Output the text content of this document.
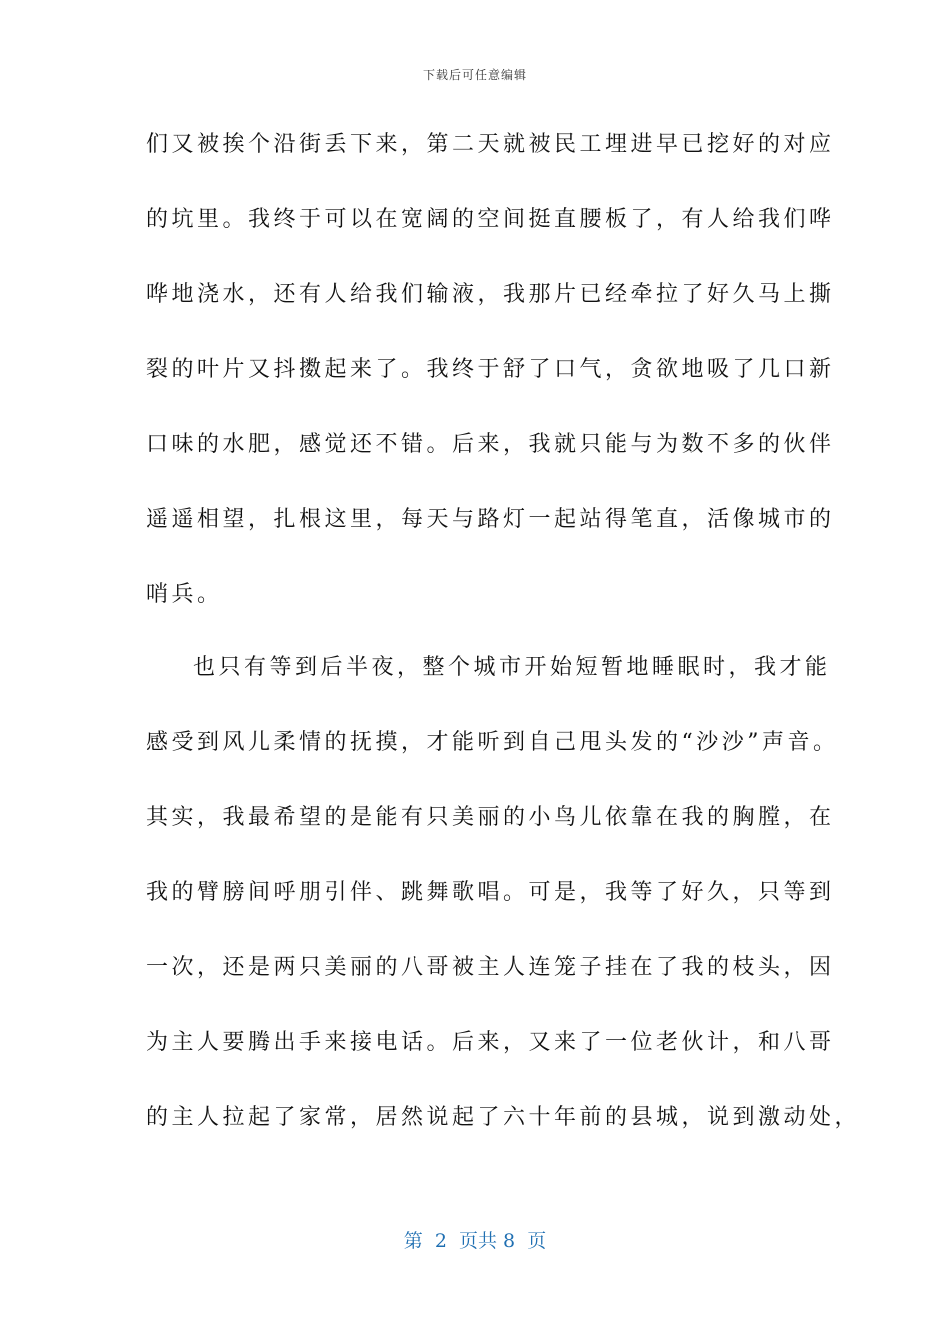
下载后可任意编辑
们又被挨个沿街丢下来，第二天就被民工埋进早已挖好的对应
的坑里。我终于可以在宽阔的空间挺直腰板了，有人给我们哗
哗地浇水，还有人给我们输液，我那片已经牵拉了好久马上撕
裂的叶片又抖擞起来了。我终于舒了口气，贪欲地吸了几口新
口味的水肥，感觉还不错。后来，我就只能与为数不多的伙伴
遥遥相望，扎根这里，每天与路灯一起站得笔直，活像城市的
哨兵。
也只有等到后半夜，整个城市开始短暂地睡眠时，我才能
感受到风儿柔情的抚摸，才能听到自己甩头发的“沙沙”声音。
其实，我最希望的是能有只美丽的小鸟儿依靠在我的胸膛，在
我的臂膀间呼朋引伴、跳舞歌唱。可是，我等了好久，只等到
一次，还是两只美丽的八哥被主人连笼子挂在了我的枝头，因
为主人要腾出手来接电话。后来，又来了一位老伙计，和八哥
的主人拉起了家常，居然说起了六十年前的县城，说到激动处，
第  2  页共 8  页
